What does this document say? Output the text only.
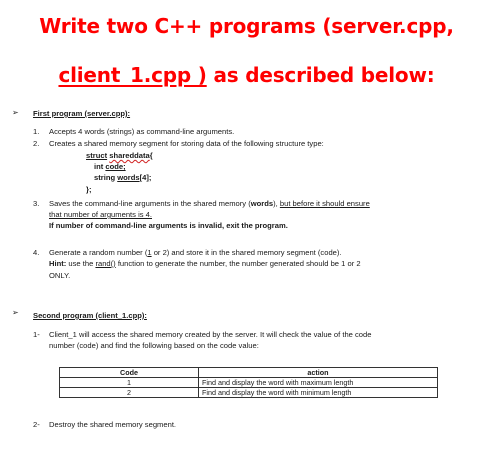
Write two C++ programs (server.cpp,
client_1.cpp ) as described below:
➢ First program (server.cpp):
1. Accepts 4 words (strings) as command-line arguments.
2. Creates a shared memory segment for storing data of the following structure type:
struct shareddata{
int code;
string words[4];
};
3. Saves the command-line arguments in the shared memory (words), but before it should ensure
that number of arguments is 4.
If number of command-line arguments is invalid, exit the program.
4. Generate a random number (1 or 2) and store it in the shared memory segment (code).
Hint: use the rand() function to generate the number, the number generated should be 1 or 2
ONLY.
➢ Second program (client_1.cpp):
1- Client_1 will access the shared memory created by the server. It will check the value of the code
number (code) and find the following based on the code value:
Code	action
1	Find and display the word with maximum length
2	Find and display the word with minimum length
2- Destroy the shared memory segment.
